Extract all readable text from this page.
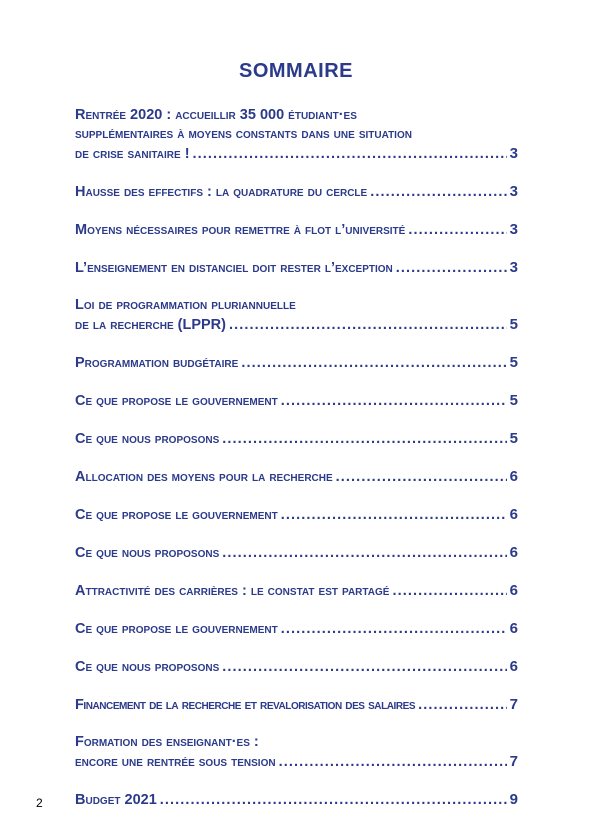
SOMMAIRE
Rentrée 2020 : accueillir 35 000 étudiant·es
supplémentaires à moyens constants dans une situation
de crise sanitaire ! .....	3
Hausse des effectifs : la quadrature du cercle .....	3
Moyens nécessaires pour remettre à flot l’université .....	3
L’enseignement en distanciel doit rester l’exception .....	3
Loi de programmation pluriannuelle
de la recherche (LPPR) .....	5
Programmation budgétaire .....	5
Ce que propose le gouvernement .....	5
Ce que nous proposons .....	5
Allocation des moyens pour la recherche .....	6
Ce que propose le gouvernement .....	6
Ce que nous proposons .....	6
Attractivité des carrières : le constat est partagé .....	6
Ce que propose le gouvernement .....	6
Ce que nous proposons .....	6
Financement de la recherche et revalorisation des salaires .....	7
Formation des enseignant·es :
encore une rentrée sous tension .....	7
Budget 2021 .....	9
2
